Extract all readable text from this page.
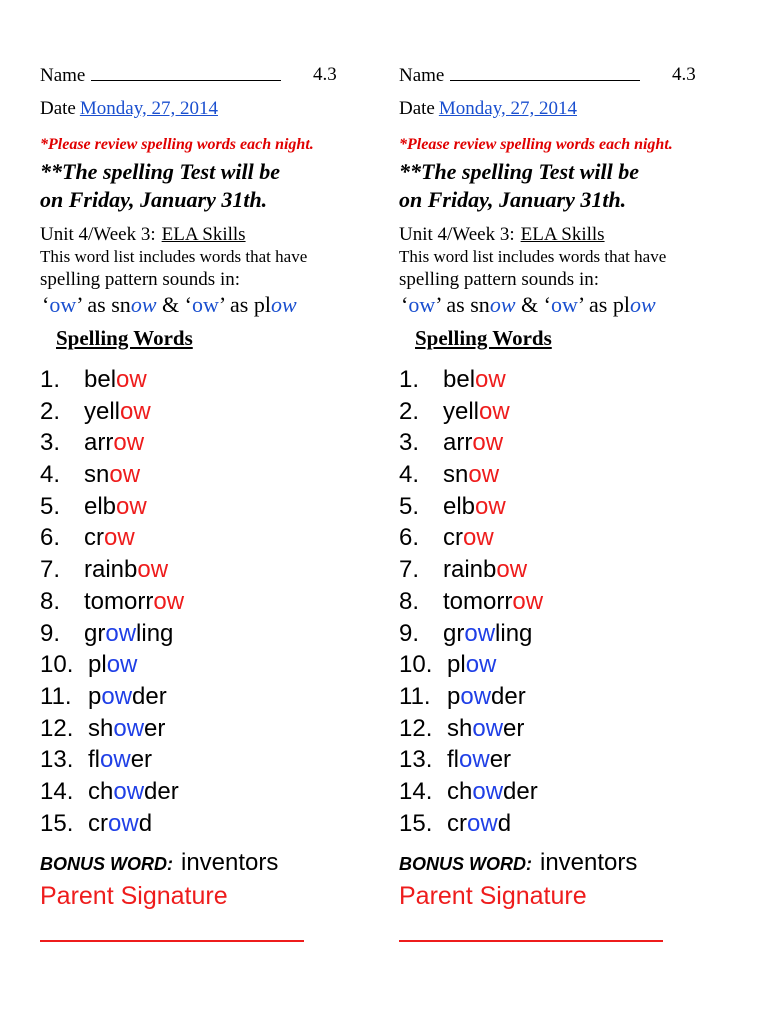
Name	4.3
Date Monday, 27, 2014
*Please review spelling words each night.
**The spelling Test will be
on Friday, January 31th.
Unit 4/Week 3: ELA Skills
This word list includes words that have
spelling pattern sounds in:
‘ow’ as snow & ‘ow’ as plow
Spelling Words
1. below
2. yellow
3. arrow
4. snow
5. elbow
6. crow
7. rainbow
8. tomorrow
9. growling
10. plow
11. powder
12. shower
13. flower
14. chowder
15. crowd
BONUS WORD: inventors
Parent Signature
Name	4.3
Date Monday, 27, 2014
*Please review spelling words each night.
**The spelling Test will be
on Friday, January 31th.
Unit 4/Week 3: ELA Skills
This word list includes words that have
spelling pattern sounds in:
‘ow’ as snow & ‘ow’ as plow
Spelling Words
1. below
2. yellow
3. arrow
4. snow
5. elbow
6. crow
7. rainbow
8. tomorrow
9. growling
10. plow
11. powder
12. shower
13. flower
14. chowder
15. crowd
BONUS WORD: inventors
Parent Signature
